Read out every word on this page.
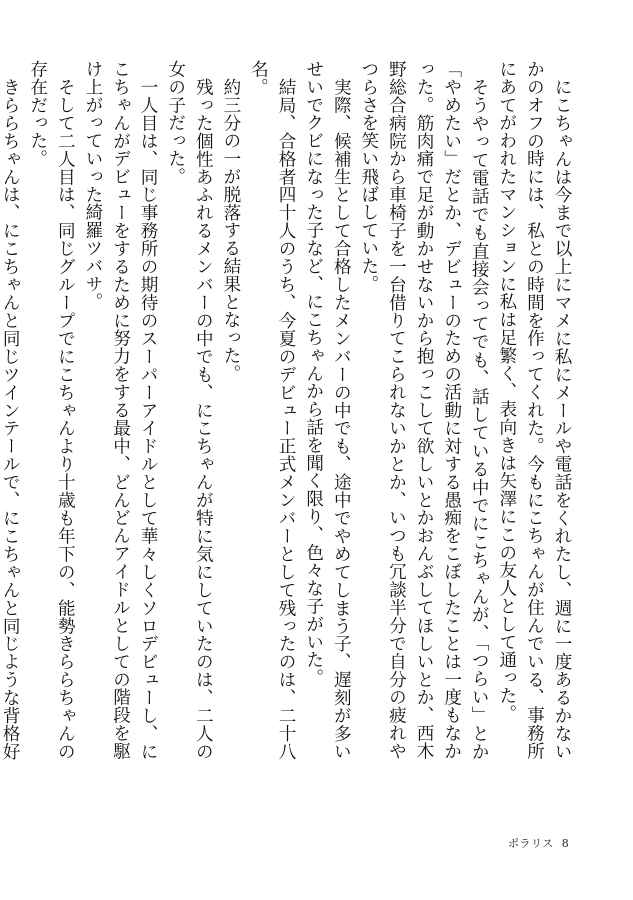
にこちゃんは今まで以上にマメに私にメールや電話をくれたし、週に一度あるかないかのオフの時には、私との時間を作ってくれた。今もにこちゃんが住んでいる、事務所にあてがわれたマンションに私は足繁く、表向きは矢澤にこの友人として通った。

そうやって電話でも直接会ってでも、話している中でにこちゃんが、「つらい」とか「やめたい」だとか、デビューのための活動に対する愚痴をこぼしたことは一度もなかった。筋肉痛で足が動かせないから抱っこして欲しいとかおんぶしてほしいとか、西木野総合病院から車椅子を一台借りてこられないかとか、いつも冗談半分で自分の疲れやつらさを笑い飛ばしていた。

実際、候補生として合格したメンバーの中でも、途中でやめてしまう子、遅刻が多いせいでクビになった子など、にこちゃんから話を聞く限り、色々な子がいた。

結局、合格者四十人のうち、今夏のデビュー正式メンバーとして残ったのは、二十八名。

約三分の一が脱落する結果となった。

残った個性あふれるメンバーの中でも、にこちゃんが特に気にしていたのは、二人の女の子だった。

一人目は、同じ事務所の期待のスーパーアイドルとして華々しくソロデビューし、にこちゃんがデビューをするために努力をする最中、どんどんアイドルとしての階段を駆け上がっていった綺羅ツバサ。

そして二人目は、同じグループでにこちゃんより十歳も年下の、能勢きららちゃんの存在だった。

きららちゃんは、にこちゃんと同じツインテールで、にこちゃんと同じような背格好

ポラリス 8
